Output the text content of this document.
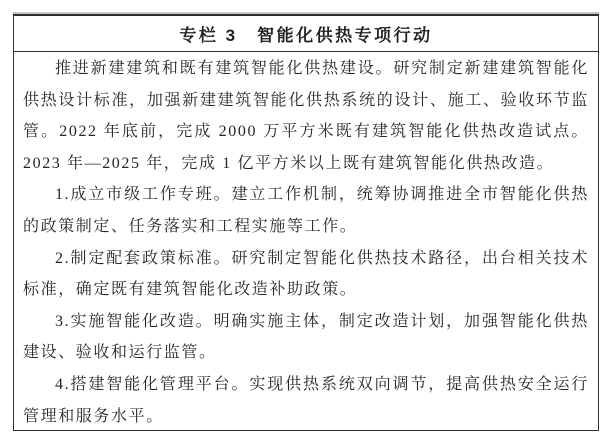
专栏 3　智能化供热专项行动

推进新建建筑和既有建筑智能化供热建设。研究制定新建建筑智能化供热设计标准，加强新建建筑智能化供热系统的设计、施工、验收环节监管。2022 年底前，完成 2000 万平方米既有建筑智能化供热改造试点。2023 年—2025 年，完成 1 亿平方米以上既有建筑智能化供热改造。

1.成立市级工作专班。建立工作机制，统筹协调推进全市智能化供热的政策制定、任务落实和工程实施等工作。

2.制定配套政策标准。研究制定智能化供热技术路径，出台相关技术标准，确定既有建筑智能化改造补助政策。

3.实施智能化改造。明确实施主体，制定改造计划，加强智能化供热建设、验收和运行监管。

4.搭建智能化管理平台。实现供热系统双向调节，提高供热安全运行管理和服务水平。
